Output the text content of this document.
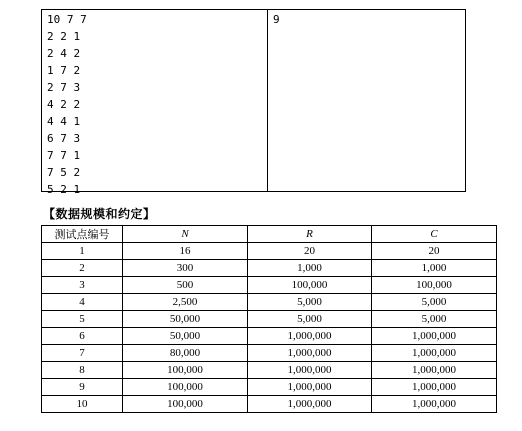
10 7 7
2 2 1
2 4 2
1 7 2
2 7 3
4 2 2
4 4 1
6 7 3
7 7 1
7 5 2
5 2 1
9
【数据规模和约定】
测试点编号	N	R	C
1	16	20	20
2	300	1,000	1,000
3	500	100,000	100,000
4	2,500	5,000	5,000
5	50,000	5,000	5,000
6	50,000	1,000,000	1,000,000
7	80,000	1,000,000	1,000,000
8	100,000	1,000,000	1,000,000
9	100,000	1,000,000	1,000,000
10	100,000	1,000,000	1,000,000
